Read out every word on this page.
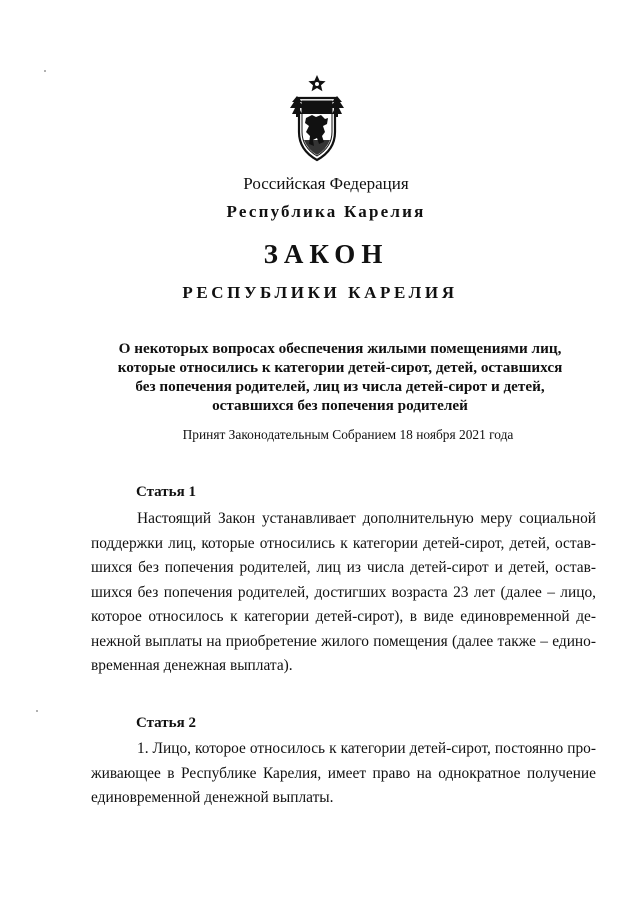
Российская Федерация
Республика Карелия
ЗАКОН
РЕСПУБЛИКИ КАРЕЛИЯ
О некоторых вопросах обеспечения жилыми помещениями лиц,
которые относились к категории детей-сирот, детей, оставшихся
без попечения родителей, лиц из числа детей-сирот и детей,
оставшихся без попечения родителей
Принят Законодательным Собранием 18 ноября 2021 года
Статья 1
Настоящий Закон устанавливает дополнительную меру социальной
поддержки лиц, которые относились к категории детей-сирот, детей, остав-
шихся без попечения родителей, лиц из числа детей-сирот и детей, остав-
шихся без попечения родителей, достигших возраста 23 лет (далее – лицо,
которое относилось к категории детей-сирот), в виде единовременной де-
нежной выплаты на приобретение жилого помещения (далее также – едино-
временная денежная выплата).
Статья 2
1. Лицо, которое относилось к категории детей-сирот, постоянно про-
живающее в Республике Карелия, имеет право на однократное получение
единовременной денежной выплаты.
